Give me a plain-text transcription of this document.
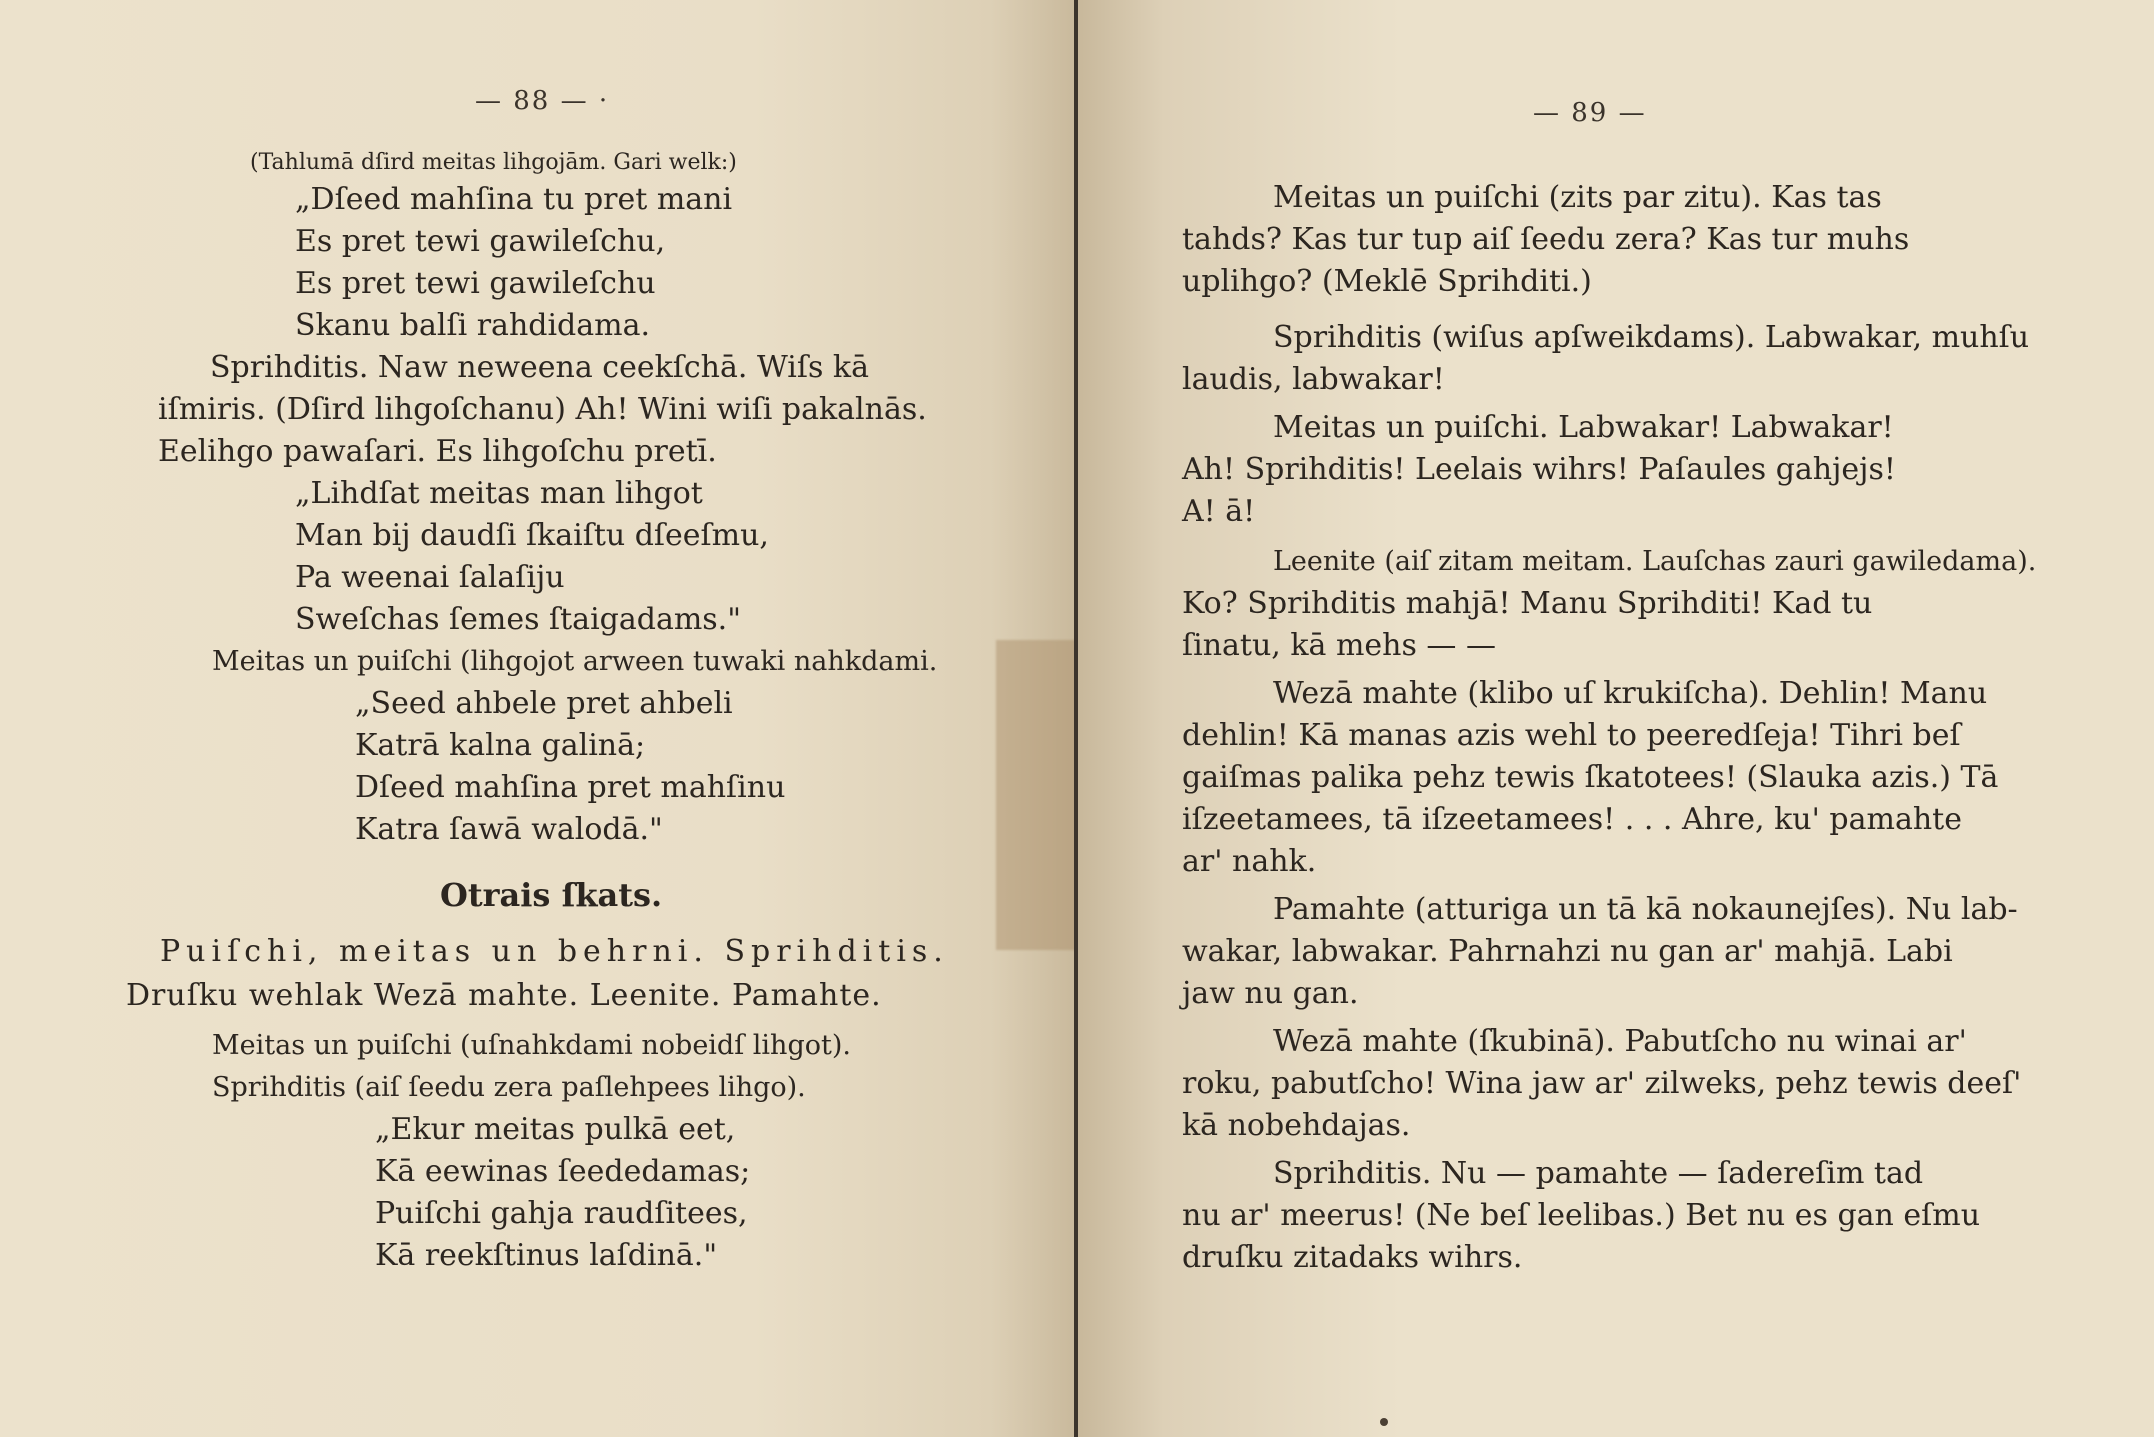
— 88 — ·
(Tahlumā dſird meitas lihgojām. Gari welk:)
„Dſeed mahſina tu pret mani
Es pret tewi gawileſchu,
Es pret tewi gawileſchu
Skanu balſi rahdidama.
Sprihditis. Naw neweena ceekſchā. Wiſs kā
iſmiris. (Dſird lihgoſchanu) Ah! Wini wiſi pakalnās.
Eelihgo pawaſari. Es lihgoſchu pretī.
„Lihdſat meitas man lihgot
Man bij daudſi ſkaiſtu dſeeſmu,
Pa weenai ſalaſiju
Sweſchas ſemes ſtaigadams."
Meitas un puiſchi (lihgojot arween tuwaki nahkdami.
„Seed ahbele pret ahbeli
Katrā kalna galinā;
Dſeed mahſina pret mahſinu
Katra ſawā walodā."
Otrais ſkats.
Puiſchi, meitas un behrni. Sprihditis.
Druſku wehlak Wezā mahte. Leenite. Pamahte.
Meitas un puiſchi (uſnahkdami nobeidſ lihgot).
Sprihditis (aiſ ſeedu zera paſlehpees lihgo).
„Ekur meitas pulkā eet,
Kā eewinas ſeededamas;
Puiſchi gahja raudſitees,
Kā reekſtinus laſdinā."
— 89 —
Meitas un puiſchi (zits par zitu). Kas tas
tahds? Kas tur tup aiſ ſeedu zera? Kas tur muhs
uplihgo? (Meklē Sprihditi.)
Sprihditis (wiſus apſweikdams). Labwakar, muhſu
laudis, labwakar!
Meitas un puiſchi. Labwakar! Labwakar!
Ah! Sprihditis! Leelais wihrs! Paſaules gahjejs!
A! ā!
Leenite (aiſ zitam meitam. Lauſchas zauri gawiledama).
Ko? Sprihditis mahjā! Manu Sprihditi! Kad tu
ſinatu, kā mehs — —
Wezā mahte (klibo uſ krukiſcha). Dehlin! Manu
dehlin! Kā manas azis wehl to peeredſeja! Tihri beſ
gaiſmas palika pehz tewis ſkatotees! (Slauka azis.) Tā
iſzeetamees, tā iſzeetamees! . . . Ahre, ku' pamahte
ar' nahk.
Pamahte (atturiga un tā kā nokaunejſes). Nu lab-
wakar, labwakar. Pahrnahzi nu gan ar' mahjā. Labi
jaw nu gan.
Wezā mahte (ſkubinā). Pabutſcho nu winai ar'
roku, pabutſcho! Wina jaw ar' zilweks, pehz tewis deeſ'
kā nobehdajas.
Sprihditis. Nu — pamahte — ſadereſim tad
nu ar' meerus! (Ne beſ leelibas.) Bet nu es gan eſmu
druſku zitadaks wihrs.
